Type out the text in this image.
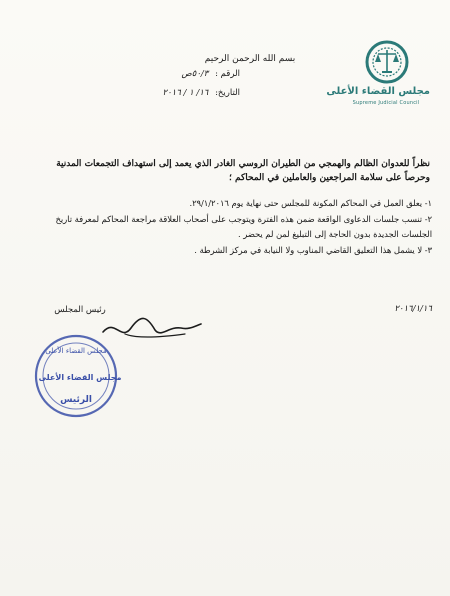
مجلس القضاء الأعلى
Supreme Judicial Council
بسم الله الرحمن الرحيم
الرقم : ٥٠/٣ص
التاريخ: ١٦/ ١ / ٢٠١٦
نظراً للعدوان الظالم والهمجي من الطيران الروسي الغادر الذي يعمد إلى استهداف التجمعات المدنية وحرصاً على سلامة المراجعين والعاملين في المحاكم ؛
١- يعلق العمل في المحاكم المكونة للمجلس حتى نهاية يوم ٢٩/١/٢٠١٦.
٢- تنسب جلسات الدعاوى الواقعة ضمن هذه الفترة ويتوجب على أصحاب العلاقة مراجعة المحاكم لمعرفة تاريخ الجلسات الجديدة بدون الحاجة إلى التبليغ لمن لم يحضر .
٣- لا يشمل هذا التعليق القاضي المناوب ولا النيابة في مركز الشرطة .
٢٠١٦/١/١٦
رئيس المجلس
مجلس القضاء الأعلى
مجلس القضاء الأعلى
الرئيس
